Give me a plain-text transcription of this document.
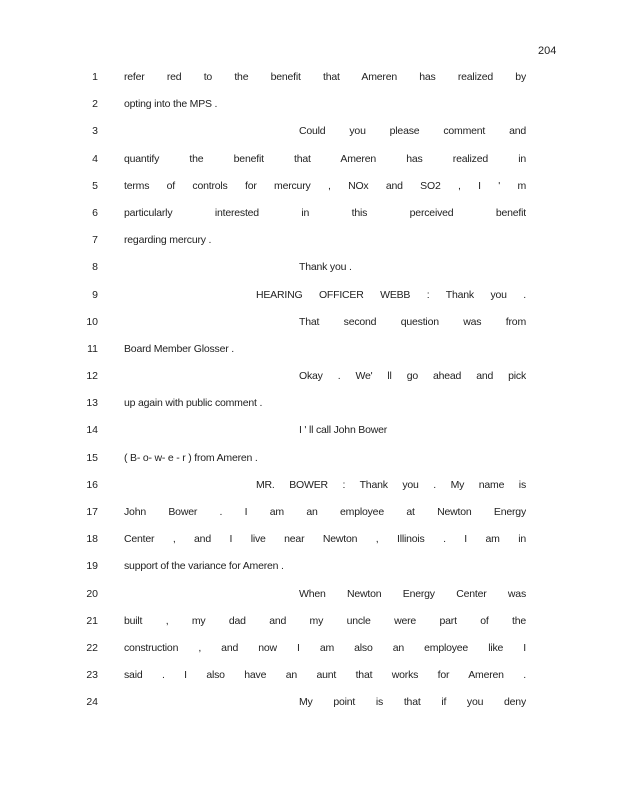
204
1 refer red to the benefit that Ameren has realized by
2 opting into the MPS .
3	Could you please comment and
4 quantify the benefit that Ameren has realized in
5 terms of controls for mercury , NOx and SO2 , I ' m
6 particularly interested in this perceived benefit
7 regarding mercury .
8	Thank you .
9	HEARING OFFICER WEBB : Thank you .
10	That second question was from
11 Board Member Glosser .
12	Okay . We' ll go ahead and pick
13 up again with public comment .
14	I ' ll call John Bower
15 ( B- o- w- e - r ) from Ameren .
16	MR. BOWER : Thank you . My name is
17 John Bower . I am an employee at Newton Energy
18 Center , and I live near Newton , Illinois . I am in
19 support of the variance for Ameren .
20	When Newton Energy Center was
21 built , my dad and my uncle were part of the
22 construction , and now I am also an employee like I
23 said . I also have an aunt that works for Ameren .
24	My point is that if you deny
